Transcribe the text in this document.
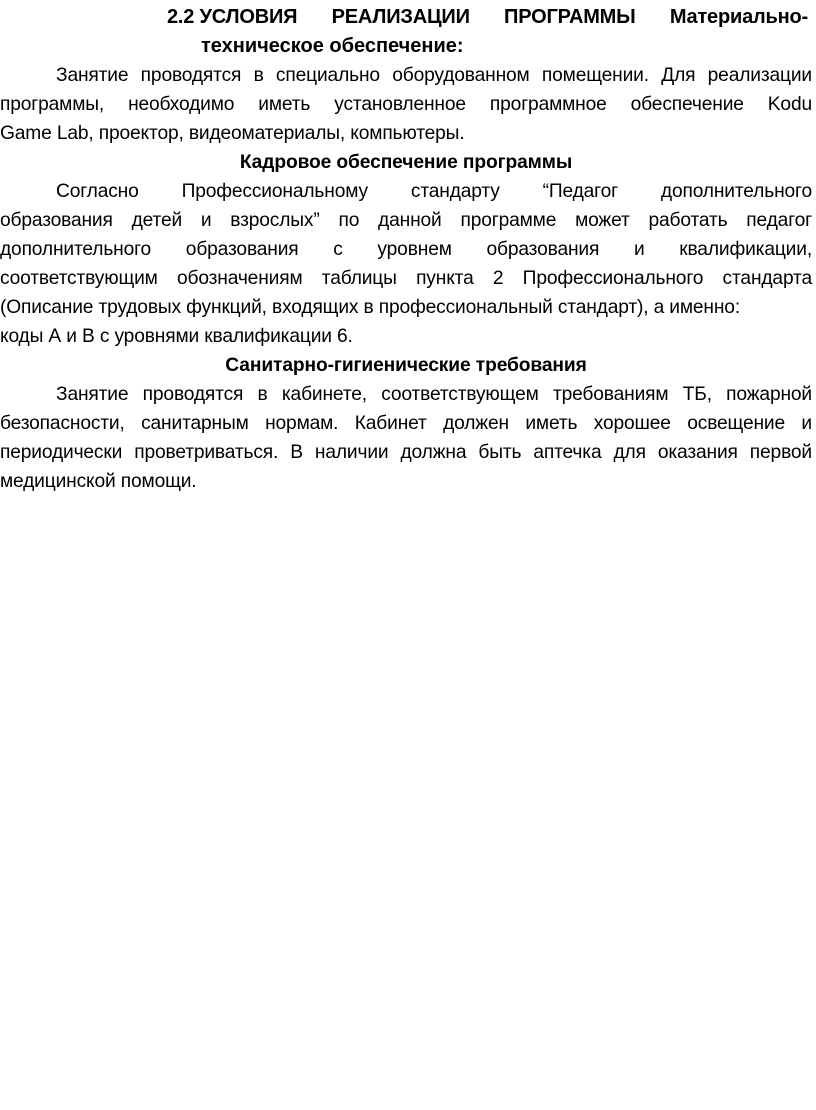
2.2 УСЛОВИЯ РЕАЛИЗАЦИИ ПРОГРАММЫ Материально-
техническое обеспечение:
Занятие проводятся в специально оборудованном помещении. Для реализации
программы, необходимо иметь установленное программное обеспечение Kodu
Game Lab, проектор, видеоматериалы, компьютеры.

Кадровое обеспечение программы

Согласно Профессиональному стандарту “Педагог дополнительного
образования детей и взрослых” по данной программе может работать педагог
дополнительного образования с уровнем образования и квалификации,
соответствующим обозначениям таблицы пункта 2 Профессионального стандарта
(Описание трудовых функций, входящих в профессиональный стандарт), а именно:
коды А и В с уровнями квалификации 6.

Санитарно-гигиенические требования

Занятие проводятся в кабинете, соответствующем требованиям ТБ, пожарной
безопасности, санитарным нормам. Кабинет должен иметь хорошее освещение и
периодически проветриваться. В наличии должна быть аптечка для оказания первой
медицинской помощи.
